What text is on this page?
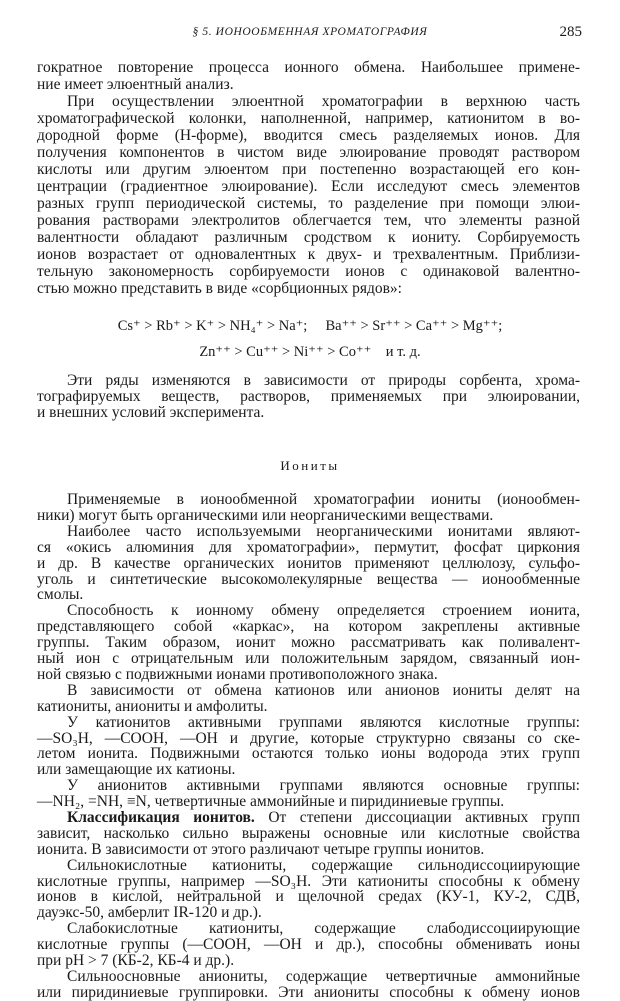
§ 5. ИОНООБМЕННАЯ ХРОМАТОГРАФИЯ	285
гократное повторение процесса ионного обмена. Наибольшее примене-
ние имеет элюентный анализ.
При осуществлении элюентной хроматографии в верхнюю часть
хроматографической колонки, наполненной, например, катионитом в во-
дородной форме (Н-форме), вводится смесь разделяемых ионов. Для
получения компонентов в чистом виде элюирование проводят раствором
кислоты или другим элюентом при постепенно возрастающей его кон-
центрации (градиентное элюирование). Если исследуют смесь элементов
разных групп периодической системы, то разделение при помощи элюи-
рования растворами электролитов облегчается тем, что элементы разной
валентности обладают различным сродством к иониту. Сорбируемость
ионов возрастает от одновалентных к двух- и трехвалентным. Приблизи-
тельную закономерность сорбируемости ионов с одинаковой валентно-
стью можно представить в виде «сорбционных рядов»:
Cs⁺ > Rb⁺ > K⁺ > NH₄⁺ > Na⁺;     Ba⁺⁺ > Sr⁺⁺ > Ca⁺⁺ > Mg⁺⁺;
Zn⁺⁺ > Cu⁺⁺ > Ni⁺⁺ > Co⁺⁺    и т. д.
Эти ряды изменяются в зависимости от природы сорбента, хрома-
тографируемых веществ, растворов, применяемых при элюировании,
и внешних условий эксперимента.
Иониты
Применяемые в ионообменной хроматографии иониты (ионообмен-
ники) могут быть органическими или неорганическими веществами.
Наиболее часто используемыми неорганическими ионитами являют-
ся «окись алюминия для хроматографии», пермутит, фосфат циркония
и др. В качестве органических ионитов применяют целлюлозу, сульфо-
уголь и синтетические высокомолекулярные вещества — ионообменные
смолы.
Способность к ионному обмену определяется строением ионита,
представляющего собой «каркас», на котором закреплены активные
группы. Таким образом, ионит можно рассматривать как поливалент-
ный ион с отрицательным или положительным зарядом, связанный ион-
ной связью с подвижными ионами противоположного знака.
В зависимости от обмена катионов или анионов иониты делят на
катиониты, аниониты и амфолиты.
У катионитов активными группами являются кислотные группы:
—SO₃H, —COOH, —OH и другие, которые структурно связаны со ске-
летом ионита. Подвижными остаются только ионы водорода этих групп
или замещающие их катионы.
У анионитов активными группами являются основные группы:
—NH₂, =NH, ≡N, четвертичные аммонийные и пиридиниевые группы.
Классификация ионитов. От степени диссоциации активных групп
зависит, насколько сильно выражены основные или кислотные свойства
ионита. В зависимости от этого различают четыре группы ионитов.
Сильнокислотные катиониты, содержащие сильнодиссоциирующие
кислотные группы, например —SO₃H. Эти катиониты способны к обмену
ионов в кислой, нейтральной и щелочной средах (КУ-1, КУ-2, СДВ,
дауэкс-50, амберлит IR-120 и др.).
Слабокислотные катиониты, содержащие слабодиссоциирующие
кислотные группы (—COOH, —OH и др.), способны обменивать ионы
при pH > 7 (КБ-2, КБ-4 и др.).
Сильноосновные аниониты, содержащие четвертичные аммонийные
или пиридиниевые группировки. Эти аниониты способны к обмену ионов
